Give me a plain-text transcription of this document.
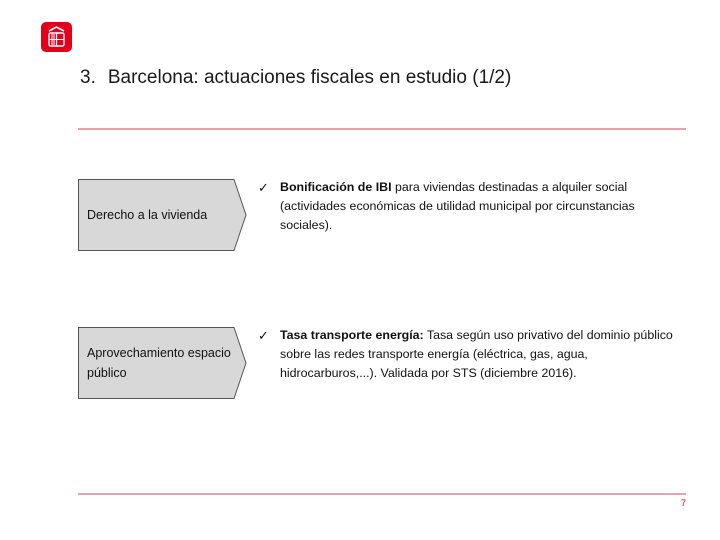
3. Barcelona: actuaciones fiscales en estudio (1/2)
Derecho a la vivienda
✓ Bonificación de IBI para viviendas destinadas a alquiler social (actividades económicas de utilidad municipal por circunstancias sociales).
Aprovechamiento espacio público
✓ Tasa transporte energía: Tasa según uso privativo del dominio público sobre las redes transporte energía (eléctrica, gas, agua, hidrocarburos,...). Validada por STS (diciembre 2016).
7
